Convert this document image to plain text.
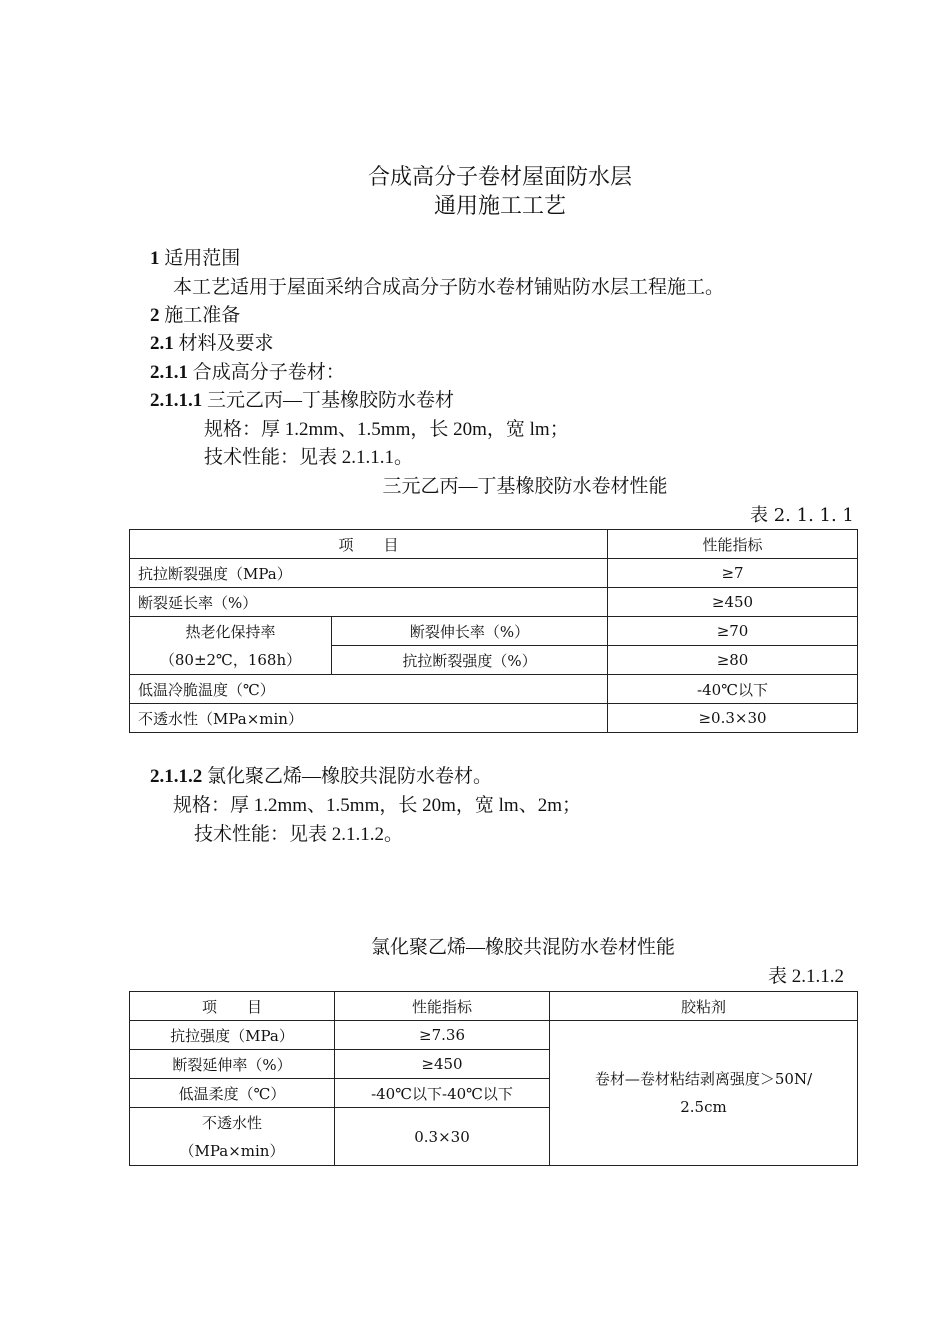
合成高分子卷材屋面防水层
通用施工工艺
1 适用范围
本工艺适用于屋面采纳合成高分子防水卷材铺贴防水层工程施工。
2 施工准备
2.1 材料及要求
2.1.1 合成高分子卷材：
2.1.1.1 三元乙丙—丁基橡胶防水卷材
规格：厚 1.2mm、1.5mm，长 20m，宽 lm；
技术性能：见表 2.1.1.1。
三元乙丙—丁基橡胶防水卷材性能
表 2. 1. 1. 1
项　　目		性能指标
抗拉断裂强度（MPa）		≥7
断裂延长率（%）		≥450

热老化保持率
（80±2℃，168h）	断裂伸长率（%）	≥70
	抗拉断裂强度（%）	≥80
低温冷脆温度（℃）		-40℃以下
不透水性（MPa×min）		≥0.3×30
2.1.1.2 氯化聚乙烯—橡胶共混防水卷材。
规格：厚 1.2mm、1.5mm，长 20m，宽 lm、2m；
技术性能：见表 2.1.1.2。
氯化聚乙烯—橡胶共混防水卷材性能
表 2.1.1.2
项　　目	性能指标	胶粘剂
抗拉强度（MPa）	≥7.36	卷材—卷材粘结剥离强度＞50N/
2.5cm

断裂延伸率（%）	≥450	
低温柔度（℃）	-40℃以下-40℃以下	

不透水性
（MPa×min）	0.3×30	
